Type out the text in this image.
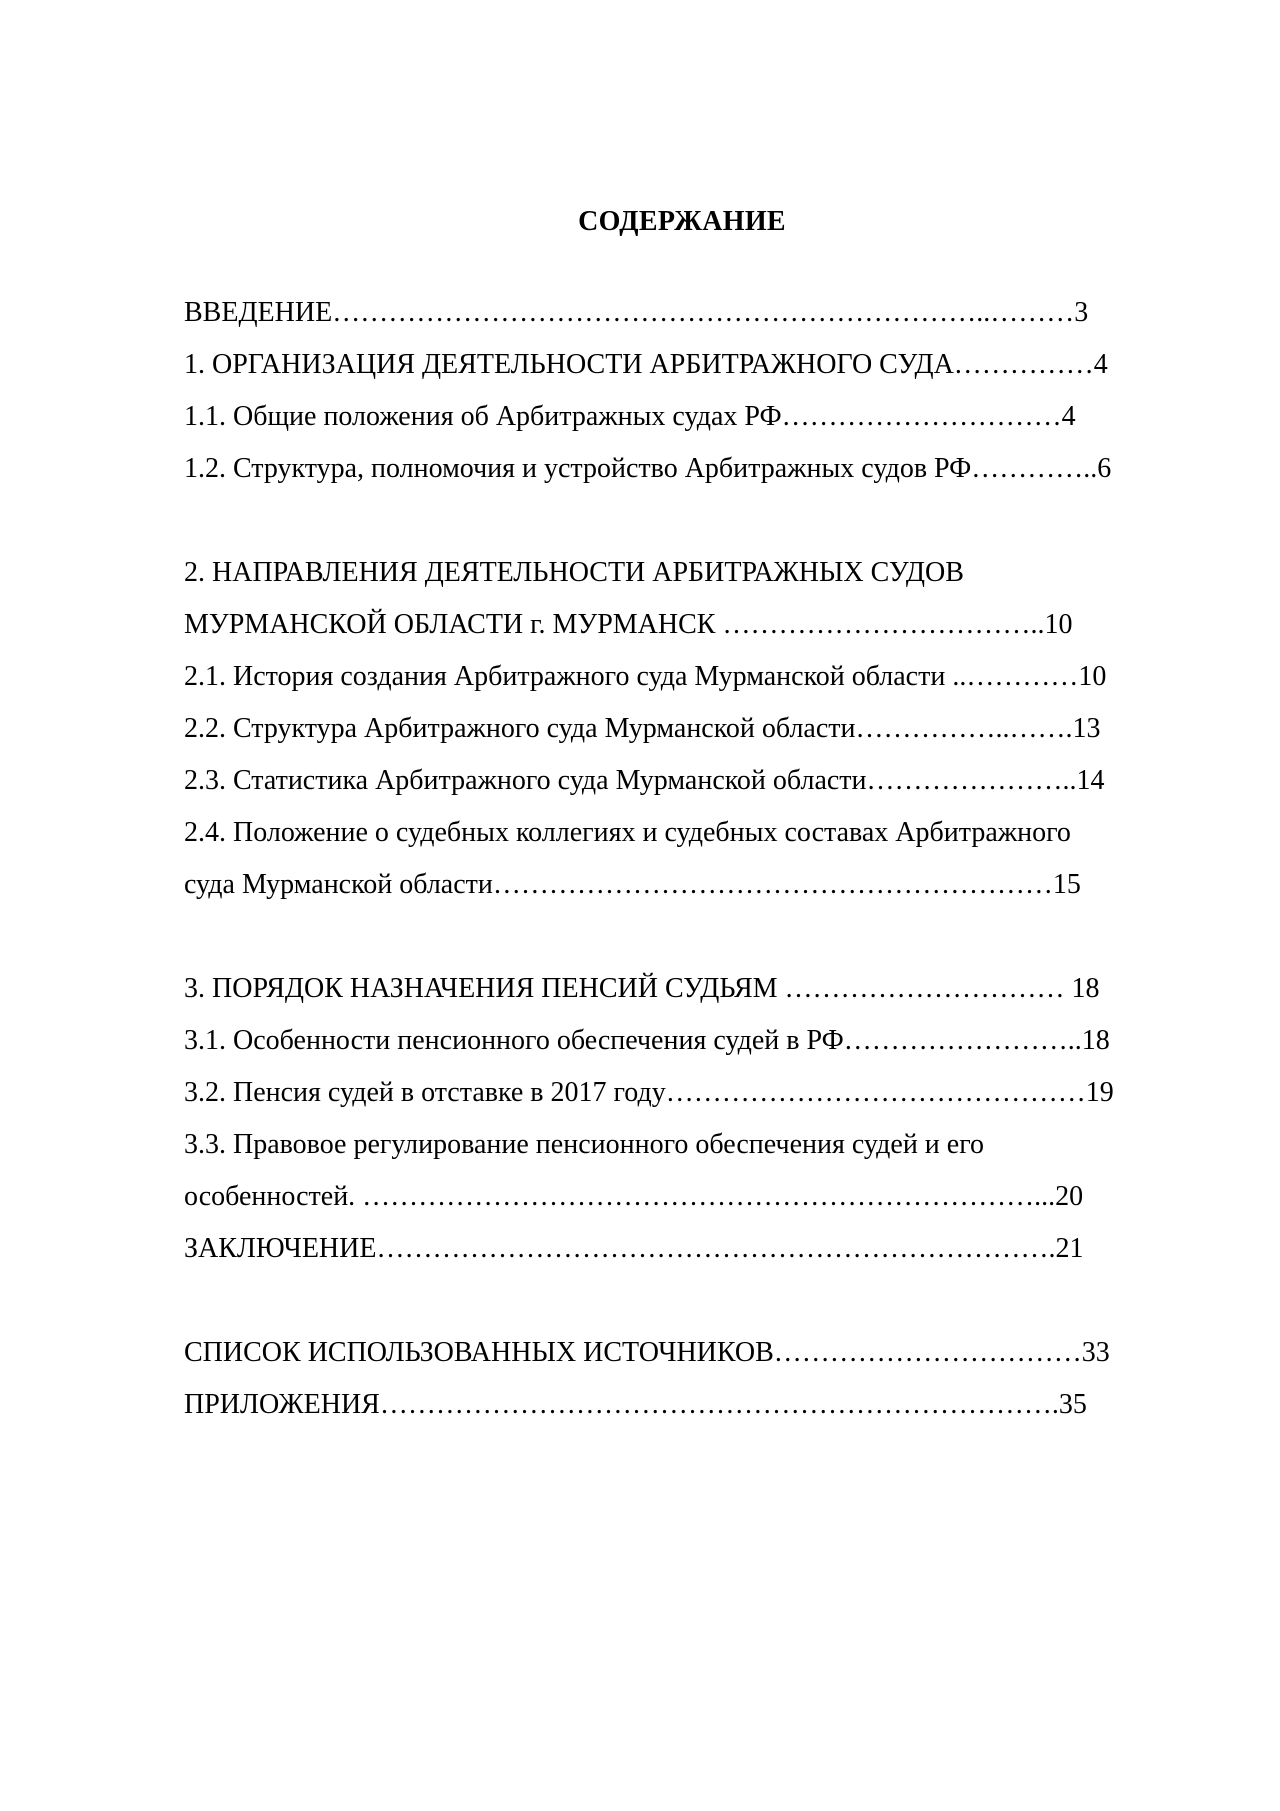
СОДЕРЖАНИЕ
ВВЕДЕНИЕ……………………………………………………………..………3
1. ОРГАНИЗАЦИЯ ДЕЯТЕЛЬНОСТИ АРБИТРАЖНОГО СУДА……………4
1.1. Общие положения об Арбитражных судах РФ…………………………4
1.2. Структура, полномочия и устройство Арбитражных судов РФ…………..6
2. НАПРАВЛЕНИЯ ДЕЯТЕЛЬНОСТИ АРБИТРАЖНЫХ СУДОВ
МУРМАНСКОЙ ОБЛАСТИ г. МУРМАНСК ……………………………..10
2.1. История создания Арбитражного суда Мурманской области ..…………10
2.2. Структура Арбитражного суда Мурманской области……………..…….13
2.3. Статистика Арбитражного суда Мурманской области…………………..14
2.4. Положение о судебных коллегиях и судебных составах Арбитражного
суда Мурманской области……………………………………………………15
3. ПОРЯДОК НАЗНАЧЕНИЯ ПЕНСИЙ СУДЬЯМ ………………………… 18
3.1. Особенности пенсионного обеспечения судей в РФ……………………..18
3.2. Пенсия судей в отставке в 2017 году………………………………………19
3.3. Правовое регулирование пенсионного обеспечения судей и его
особенностей. ………………………………………………………………...20
ЗАКЛЮЧЕНИЕ……………………………………………………………….21
СПИСОК ИСПОЛЬЗОВАННЫХ ИСТОЧНИКОВ……………………………33
ПРИЛОЖЕНИЯ……………………………………………………………….35
